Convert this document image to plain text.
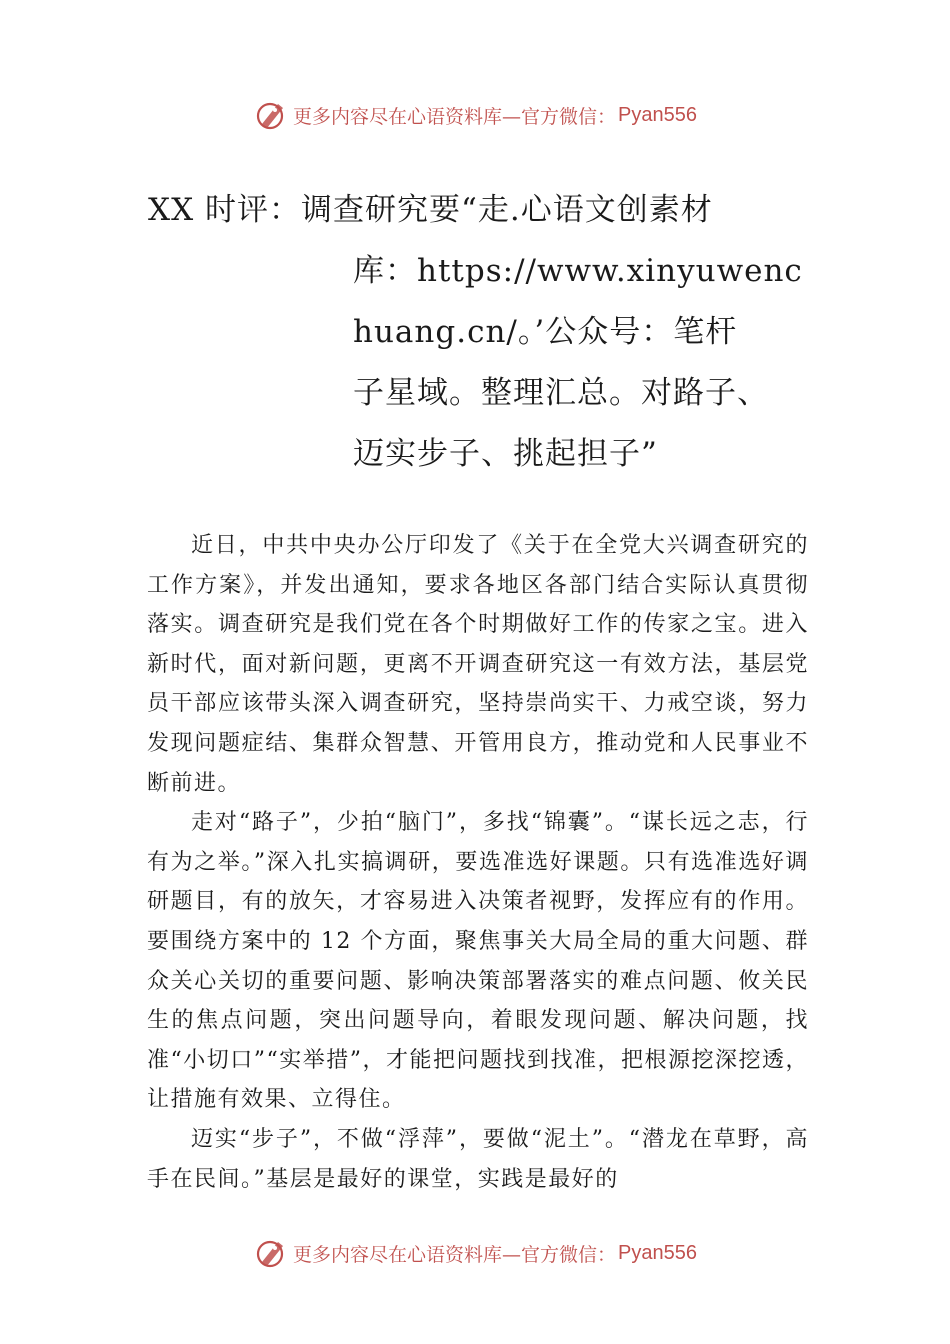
更多内容尽在心语资料库—官方微信： Pyan556
XX 时评：调查研究要“走.心语文创素材
库：https://www.xinyuwenc
huang.cn/。’公众号：笔杆
子星域。整理汇总。对路子、
迈实步子、挑起担子”

近日，中共中央办公厅印发了《关于在全党大兴调查研究的工作方案》，并发出通知，要求各地区各部门结合实际认真贯彻落实。调查研究是我们党在各个时期做好工作的传家之宝。进入新时代，面对新问题，更离不开调查研究这一有效方法，基层党员干部应该带头深入调查研究，坚持崇尚实干、力戒空谈，努力发现问题症结、集群众智慧、开管用良方，推动党和人民事业不断前进。

走对“路子”，少拍“脑门”，多找“锦囊”。“谋长远之志，行有为之举。”深入扎实搞调研，要选准选好课题。只有选准选好调研题目，有的放矢，才容易进入决策者视野，发挥应有的作用。要围绕方案中的 12 个方面，聚焦事关大局全局的重大问题、群众关心关切的重要问题、影响决策部署落实的难点问题、攸关民生的焦点问题，突出问题导向，着眼发现问题、解决问题，找准“小切口”“实举措”，才能把问题找到找准，把根源挖深挖透，让措施有效果、立得住。

迈实“步子”，不做“浮萍”，要做“泥土”。“潜龙在草野，高手在民间。”基层是最好的课堂，实践是最好的

更多内容尽在心语资料库—官方微信： Pyan556
